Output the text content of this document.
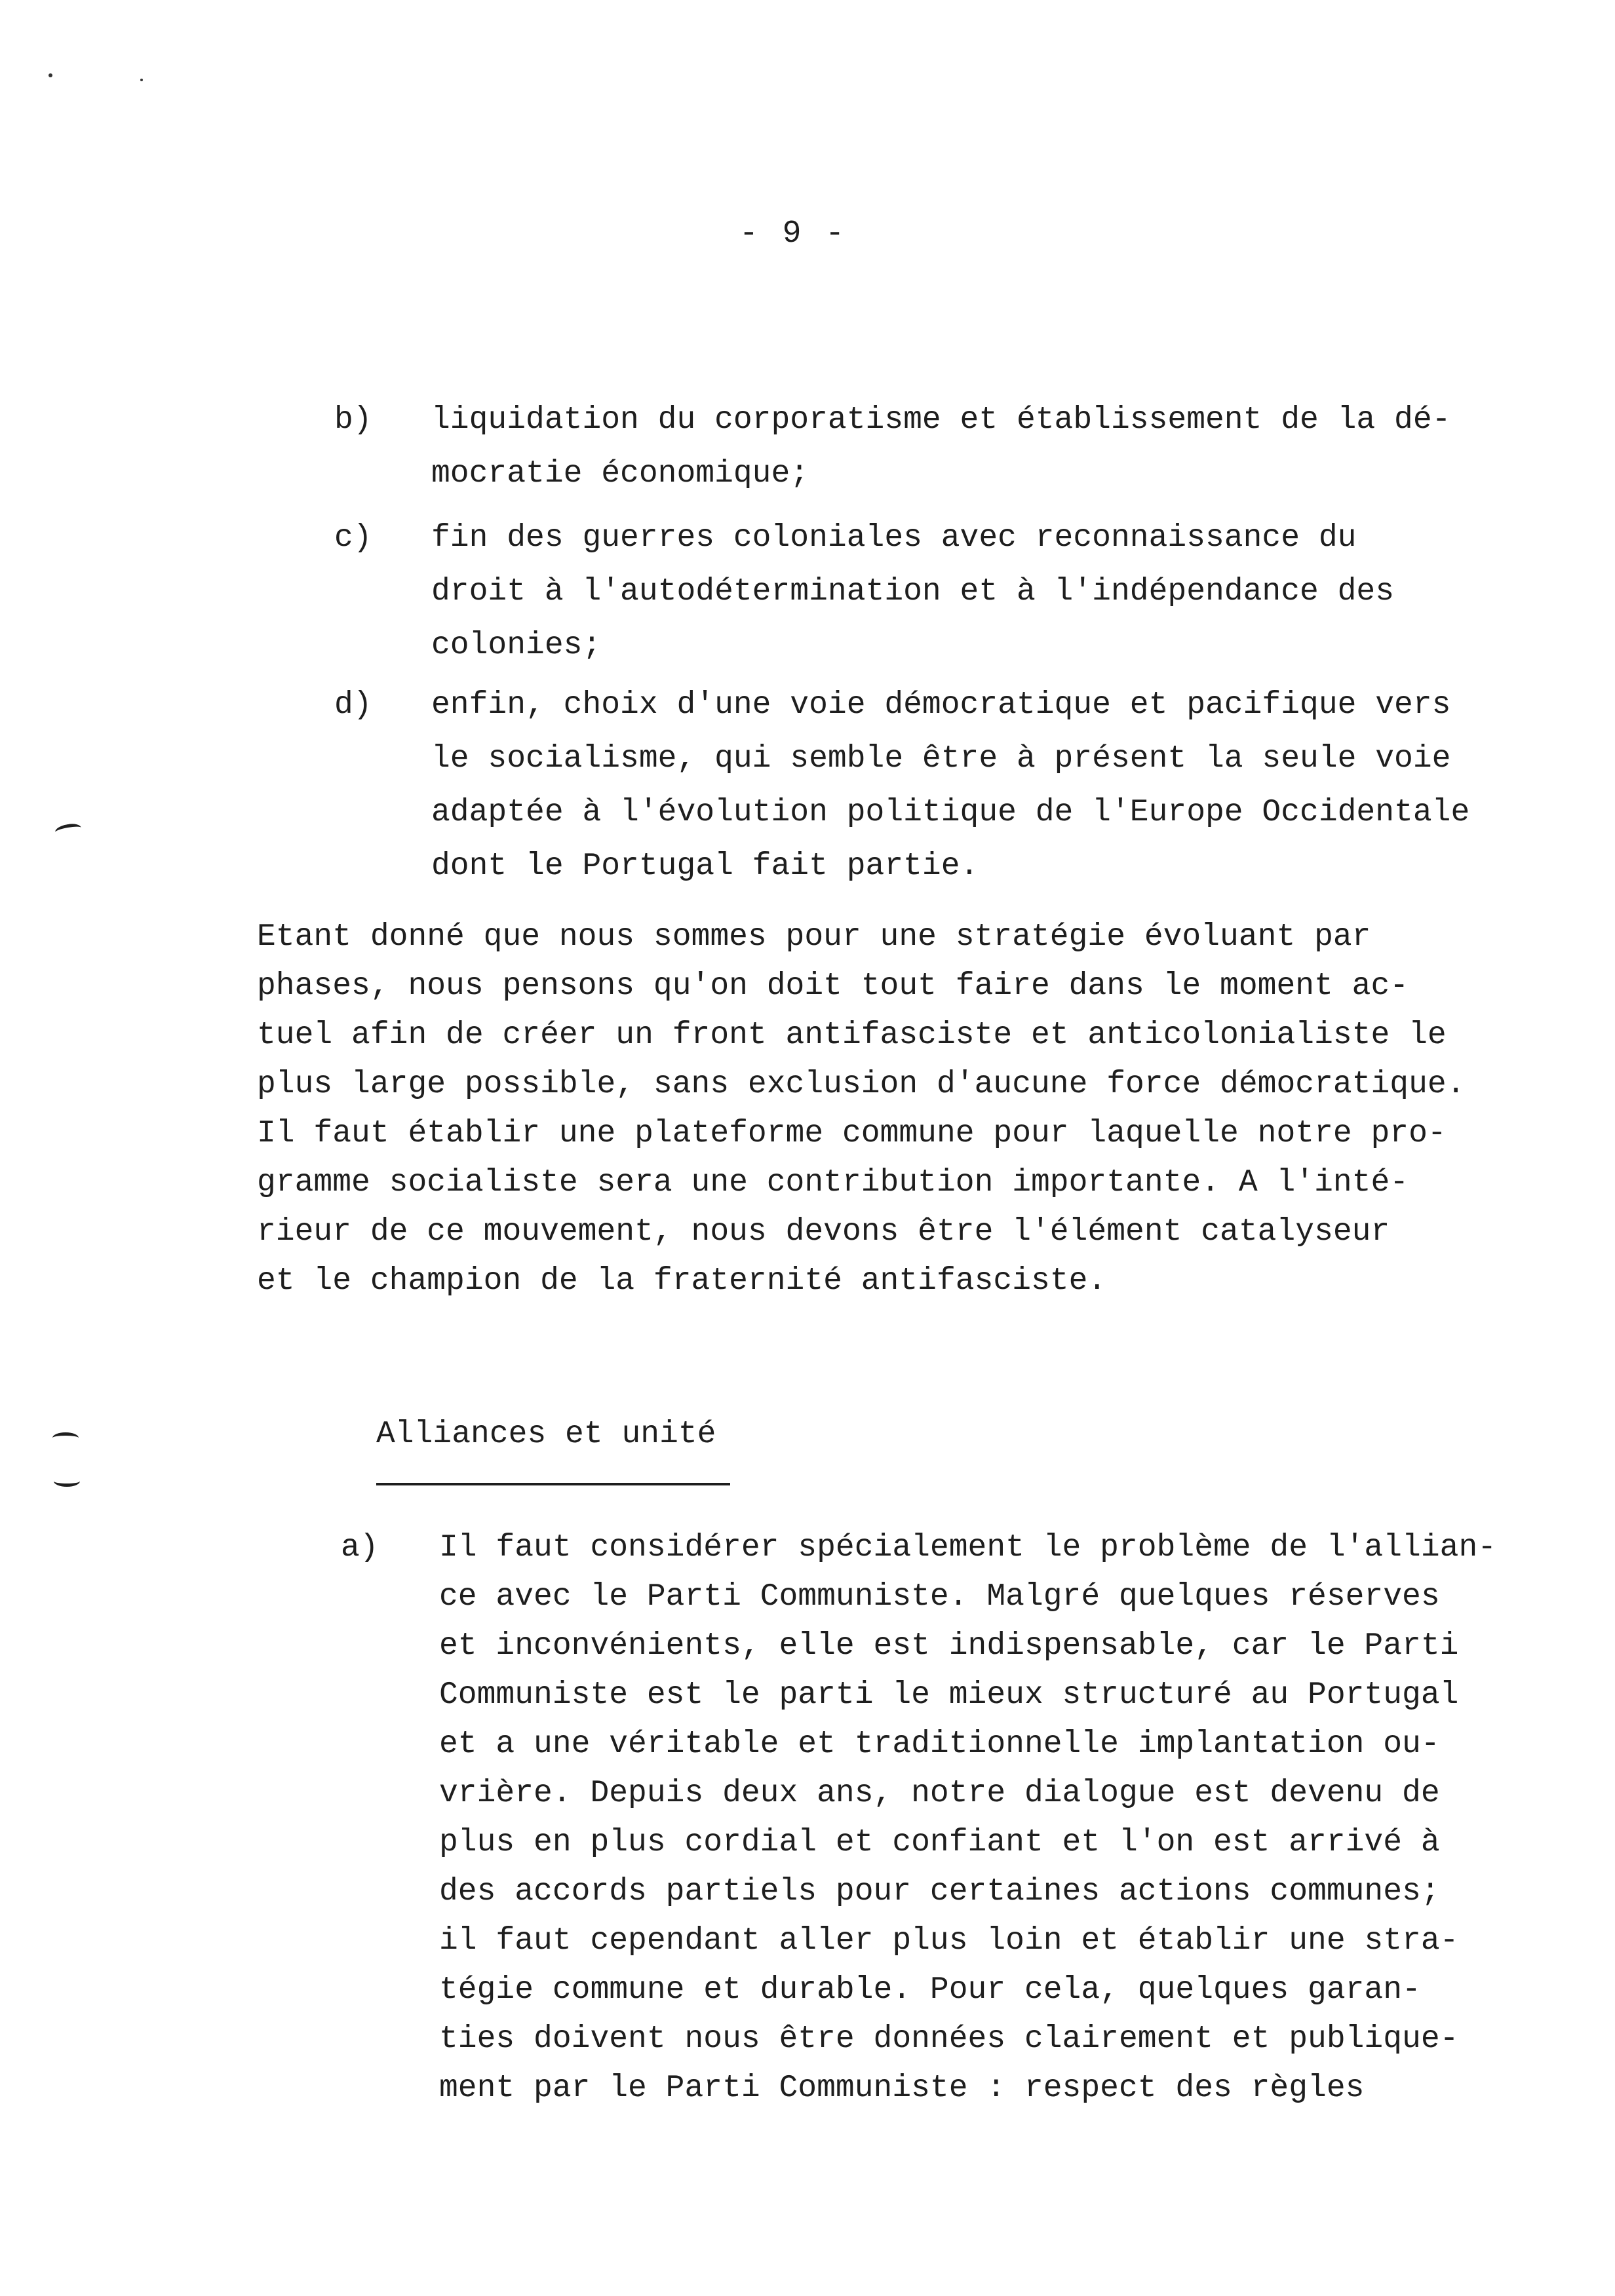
- 9 -
b) liquidation du corporatisme et établissement de la dé-
mocratie économique;
c) fin des guerres coloniales avec reconnaissance du
droit à l'autodétermination et à l'indépendance des
colonies;
d) enfin, choix d'une voie démocratique et pacifique vers
le socialisme, qui semble être à présent la seule voie
adaptée à l'évolution politique de l'Europe Occidentale
dont le Portugal fait partie.
Etant donné que nous sommes pour une stratégie évoluant par
phases, nous pensons qu'on doit tout faire dans le moment ac-
tuel afin de créer un front antifasciste et anticolonialiste le
plus large possible, sans exclusion d'aucune force démocratique.
Il faut établir une plateforme commune pour laquelle notre pro-
gramme socialiste sera une contribution importante. A l'inté-
rieur de ce mouvement, nous devons être l'élément catalyseur
et le champion de la fraternité antifasciste.
Alliances et unité
a) Il faut considérer spécialement le problème de l'allian-
ce avec le Parti Communiste. Malgré quelques réserves
et inconvénients, elle est indispensable, car le Parti
Communiste est le parti le mieux structuré au Portugal
et a une véritable et traditionnelle implantation ou-
vrière. Depuis deux ans, notre dialogue est devenu de
plus en plus cordial et confiant et l'on est arrivé à
des accords partiels pour certaines actions communes;
il faut cependant aller plus loin et établir une stra-
tégie commune et durable. Pour cela, quelques garan-
ties doivent nous être données clairement et publique-
ment par le Parti Communiste : respect des règles
